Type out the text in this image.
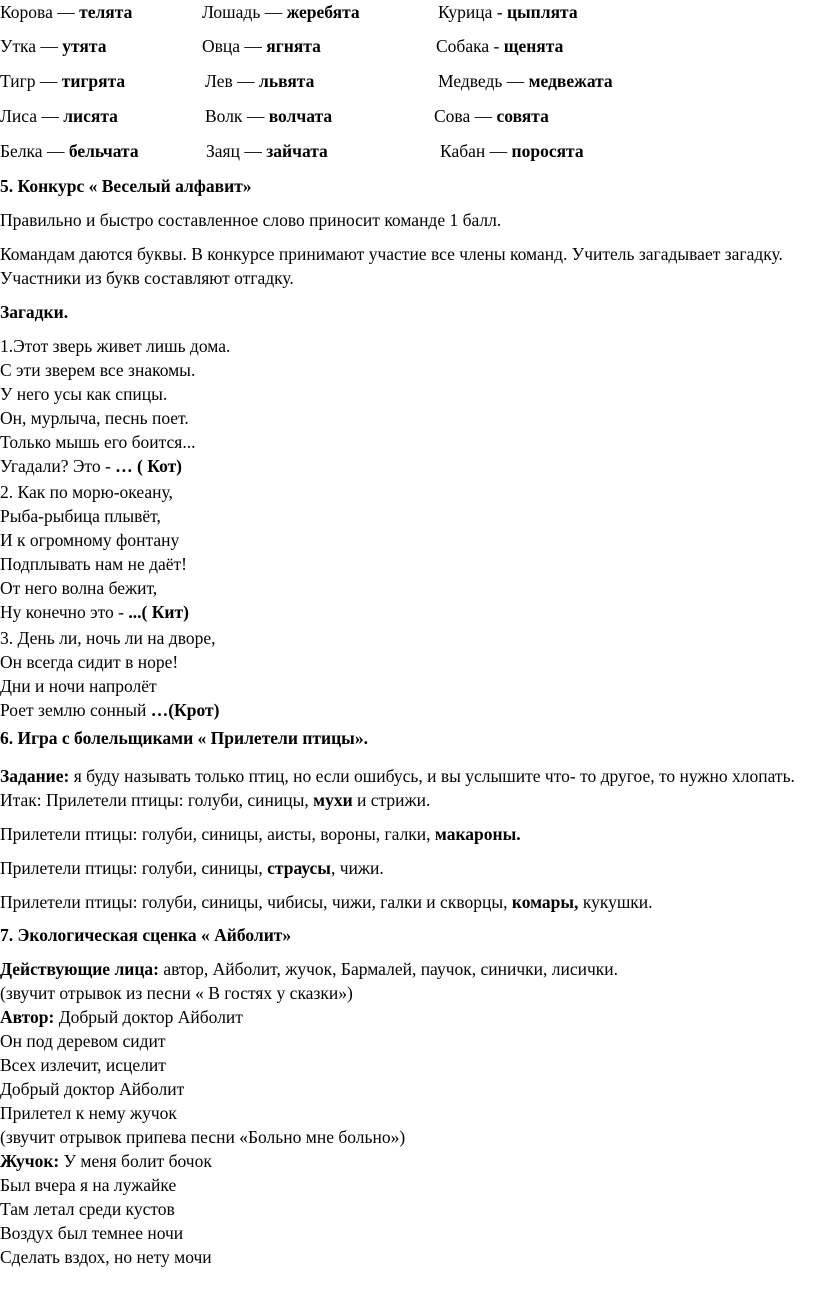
Корова — телята	Лошадь — жеребята	Курица - цыплята
Утка — утята	Овца — ягнята	Собака - щенята
Тигр — тигрята	Лев — львята	Медведь — медвежата
Лиса — лисята	Волк — волчата	Сова — совята
Белка — бельчата	Заяц — зайчата	Кабан — поросята

5. Конкурс « Веселый алфавит»

Правильно и быстро составленное слово приносит команде 1 балл.

Командам даются буквы. В конкурсе принимают участие все члены команд. Учитель загадывает загадку. Участники из букв составляют отгадку.

Загадки.

1.Этот зверь живет лишь дома.

С эти зверем все знакомы.

У него усы как спицы.

Он, мурлыча, песнь поет.

Только мышь его боится...

Угадали? Это - … ( Кот)

2. Как по морю-океану,

Рыба-рыбица плывёт,

И к огромному фонтану

Подплывать нам не даёт!

От него волна бежит,

Ну конечно это - ...( Кит)

3. День ли, ночь ли на дворе,

Он всегда сидит в норе!

Дни и ночи напролёт

Роет землю сонный …(Крот)

6. Игра с болельщиками « Прилетели птицы».

Задание: я буду называть только птиц, но если ошибусь, и вы услышите что- то другое, то нужно хлопать. Итак: Прилетели птицы: голуби, синицы, мухи и стрижи.

Прилетели птицы: голуби, синицы, аисты, вороны, галки, макароны.

Прилетели птицы: голуби, синицы, страусы, чижи.

Прилетели птицы: голуби, синицы, чибисы, чижи, галки и скворцы, комары, кукушки.

7. Экологическая сценка « Айболит»

Действующие лица: автор, Айболит, жучок, Бармалей, паучок, синички, лисички.

(звучит отрывок из песни « В гостях у сказки»)

Автор: Добрый доктор Айболит

Он под деревом сидит

Всех излечит, исцелит

Добрый доктор Айболит

Прилетел к нему жучок

(звучит отрывок припева песни «Больно мне больно»)

Жучок: У меня болит бочок

Был вчера я на лужайке

Там летал среди кустов

Воздух был темнее ночи

Сделать вздох, но нету мочи
